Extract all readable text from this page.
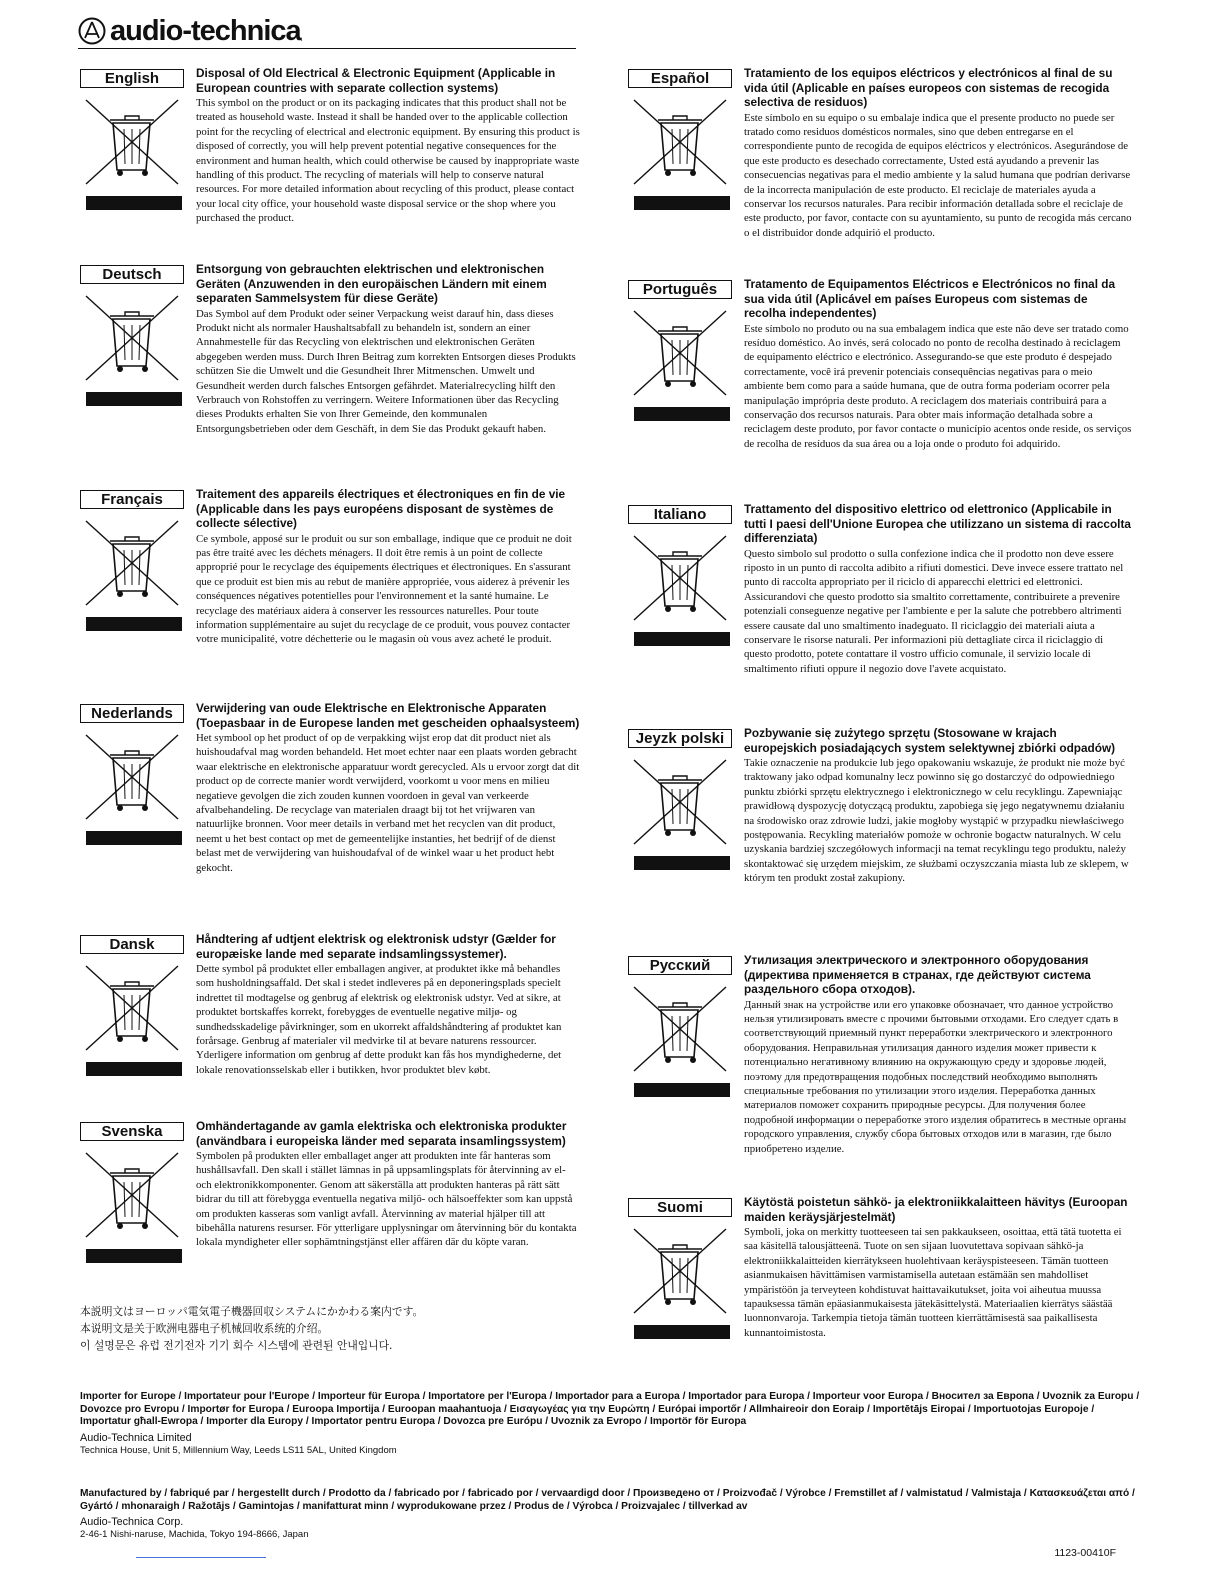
audio-technica .
English	Disposal of Old Electrical & Electronic Equipment (Applicable in European countries with separate collection systems)
This symbol on the product or on its packaging indicates that this product shall not be treated as household waste. Instead it shall be handed over to the applicable collection point for the recycling of electrical and electronic equipment. By ensuring this product is disposed of correctly, you will help prevent potential negative consequences for the environment and human health, which could otherwise be caused by inappropriate waste handling of this product. The recycling of materials will help to conserve natural resources. For more detailed information about recycling of this product, please contact your local city office, your household waste disposal service or the shop where you purchased the product.
Deutsch	Entsorgung von gebrauchten elektrischen und elektronischen Geräten (Anzuwenden in den europäischen Ländern mit einem separaten Sammelsystem für diese Geräte)
Das Symbol auf dem Produkt oder seiner Verpackung weist darauf hin, dass dieses Produkt nicht als normaler Haushaltsabfall zu behandeln ist, sondern an einer Annahmestelle für das Recycling von elektrischen und elektronischen Geräten abgegeben werden muss. Durch Ihren Beitrag zum korrekten Entsorgen dieses Produkts schützen Sie die Umwelt und die Gesundheit Ihrer Mitmenschen. Umwelt und Gesundheit werden durch falsches Entsorgen gefährdet. Materialrecycling hilft den Verbrauch von Rohstoffen zu verringern. Weitere Informationen über das Recycling dieses Produkts erhalten Sie von Ihrer Gemeinde, den kommunalen Entsorgungsbetrieben oder dem Geschäft, in dem Sie das Produkt gekauft haben.
Français	Traitement des appareils électriques et électroniques en fin de vie (Applicable dans les pays européens disposant de systèmes de collecte sélective)
Ce symbole, apposé sur le produit ou sur son emballage, indique que ce produit ne doit pas être traité avec les déchets ménagers. Il doit être remis à un point de collecte approprié pour le recyclage des équipements électriques et électroniques. En s'assurant que ce produit est bien mis au rebut de manière appropriée, vous aiderez à prévenir les conséquences négatives potentielles pour l'environnement et la santé humaine. Le recyclage des matériaux aidera à conserver les ressources naturelles. Pour toute information supplémentaire au sujet du recyclage de ce produit, vous pouvez contacter votre municipalité, votre déchetterie ou le magasin où vous avez acheté le produit.
Nederlands	Verwijdering van oude Elektrische en Elektronische Apparaten (Toepasbaar in de Europese landen met gescheiden ophaalsysteem)
Het symbool op het product of op de verpakking wijst erop dat dit product niet als huishoudafval mag worden behandeld. Het moet echter naar een plaats worden gebracht waar elektrische en elektronische apparatuur wordt gerecycled. Als u ervoor zorgt dat dit product op de correcte manier wordt verwijderd, voorkomt u voor mens en milieu negatieve gevolgen die zich zouden kunnen voordoen in geval van verkeerde afvalbehandeling. De recyclage van materialen draagt bij tot het vrijwaren van natuurlijke bronnen. Voor meer details in verband met het recyclen van dit product, neemt u het best contact op met de gemeentelijke instanties, het bedrijf of de dienst belast met de verwijdering van huishoudafval of de winkel waar u het product hebt gekocht.
Dansk	Håndtering af udtjent elektrisk og elektronisk udstyr (Gælder for europæiske lande med separate indsamlingssystemer).
Dette symbol på produktet eller emballagen angiver, at produktet ikke må behandles som husholdningsaffald. Det skal i stedet indleveres på en deponeringsplads specielt indrettet til modtagelse og genbrug af elektrisk og elektronisk udstyr. Ved at sikre, at produktet bortskaffes korrekt, forebygges de eventuelle negative miljø- og sundhedsskadelige påvirkninger, som en ukorrekt affaldshåndtering af produktet kan forårsage. Genbrug af materialer vil medvirke til at bevare naturens ressourcer. Yderligere information om genbrug af dette produkt kan fås hos myndighederne, det lokale renovationsselskab eller i butikken, hvor produktet blev købt.
Svenska	Omhändertagande av gamla elektriska och elektroniska produkter (användbara i europeiska länder med separata insamlingssystem)
Symbolen på produkten eller emballaget anger att produkten inte får hanteras som hushållsavfall. Den skall i stället lämnas in på uppsamlingsplats för återvinning av el- och elektronikkomponenter. Genom att säkerställa att produkten hanteras på rätt sätt bidrar du till att förebygga eventuella negativa miljö- och hälsoeffekter som kan uppstå om produkten kasseras som vanligt avfall. Återvinning av material hjälper till att bibehålla naturens resurser. För ytterligare upplysningar om återvinning bör du kontakta lokala myndigheter eller sophämtningstjänst eller affären där du köpte varan.
Español	Tratamiento de los equipos eléctricos y electrónicos al final de su vida útil (Aplicable en países europeos con sistemas de recogida selectiva de residuos)
Este símbolo en su equipo o su embalaje indica que el presente producto no puede ser tratado como residuos domésticos normales, sino que deben entregarse en el correspondiente punto de recogida de equipos eléctricos y electrónicos. Asegurándose de que este producto es desechado correctamente, Usted está ayudando a prevenir las consecuencias negativas para el medio ambiente y la salud humana que podrían derivarse de la incorrecta manipulación de este producto. El reciclaje de materiales ayuda a conservar los recursos naturales. Para recibir información detallada sobre el reciclaje de este producto, por favor, contacte con su ayuntamiento, su punto de recogida más cercano o el distribuidor donde adquirió el producto.
Português	Tratamento de Equipamentos Eléctricos e Electrónicos no final da sua vida útil (Aplicável em países Europeus com sistemas de recolha independentes)
Este símbolo no produto ou na sua embalagem indica que este não deve ser tratado como resíduo doméstico. Ao invés, será colocado no ponto de recolha destinado à reciclagem de equipamento eléctrico e electrónico. Assegurando-se que este produto é despejado correctamente, você irá prevenir potenciais consequências negativas para o meio ambiente bem como para a saúde humana, que de outra forma poderiam ocorrer pela manipulação imprópria deste produto. A reciclagem dos materiais contribuirá para a conservação dos recursos naturais. Para obter mais informação detalhada sobre a reciclagem deste produto, por favor contacte o município acentos onde reside, os serviços de recolha de resíduos da sua área ou a loja onde o produto foi adquirido.
Italiano	Trattamento del dispositivo elettrico od elettronico (Applicabile in tutti I paesi dell'Unione Europea che utilizzano un sistema di raccolta differenziata)
Questo simbolo sul prodotto o sulla confezione indica che il prodotto non deve essere riposto in un punto di raccolta adibito a rifiuti domestici. Deve invece essere trattato nel punto di raccolta appropriato per il riciclo di apparecchi elettrici ed elettronici. Assicurandovi che questo prodotto sia smaltito correttamente, contribuirete a prevenire potenziali conseguenze negative per l'ambiente e per la salute che potrebbero altrimenti essere causate dal uno smaltimento inadeguato. Il riciclaggio dei materiali aiuta a conservare le risorse naturali. Per informazioni più dettagliate circa il riciclaggio di questo prodotto, potete contattare il vostro ufficio comunale, il servizio locale di smaltimento rifiuti oppure il negozio dove l'avete acquistato.
Jeyzk polski	Pozbywanie się zużytego sprzętu (Stosowane w krajach europejskich posiadających system selektywnej zbiórki odpadów)
Takie oznaczenie na produkcie lub jego opakowaniu wskazuje, że produkt nie może być traktowany jako odpad komunalny lecz powinno się go dostarczyć do odpowiedniego punktu zbiórki sprzętu elektrycznego i elektronicznego w celu recyklingu. Zapewniając prawidłową dyspozycję dotyczącą produktu, zapobiega się jego negatywnemu działaniu na środowisko oraz zdrowie ludzi, jakie mogłoby wystąpić w przypadku niewłaściwego postępowania. Recykling materiałów pomoże w ochronie bogactw naturalnych. W celu uzyskania bardziej szczegółowych informacji na temat recyklingu tego produktu, należy skontaktować się urzędem miejskim, ze służbami oczyszczania miasta lub ze sklepem, w którym ten produkt został zakupiony.
Русский	Утилизация электрического и электронного оборудования (директива применяется в странах, где действуют система раздельного сбора отходов).
Данный знак на устройстве или его упаковке обозначает, что данное устройство нельзя утилизировать вместе с прочими бытовыми отходами. Его следует сдать в соответствующий приемный пункт переработки электрического и электронного оборудования. Неправильная утилизация данного изделия может привести к потенциально негативному влиянию на окружающую среду и здоровье людей, поэтому для предотвращения подобных последствий необходимо выполнять специальные требования по утилизации этого изделия. Переработка данных материалов поможет сохранить природные ресурсы. Для получения более подробной информации о переработке этого изделия обратитесь в местные органы городского управления, службу сбора бытовых отходов или в магазин, где было приобретено изделие.
Suomi	Käytöstä poistetun sähkö- ja elektroniikkalaitteen hävitys (Euroopan maiden keräysjärjestelmät)
Symboli, joka on merkitty tuotteeseen tai sen pakkaukseen, osoittaa, että tätä tuotetta ei saa käsitellä talousjätteenä. Tuote on sen sijaan luovutettava sopivaan sähkö-ja elektroniikkalaitteiden kierrätykseen huolehtivaan keräyspisteeseen. Tämän tuotteen asianmukaisen hävittämisen varmistamisella autetaan estämään sen mahdolliset ympäristöön ja terveyteen kohdistuvat haittavaikutukset, joita voi aiheutua muussa tapauksessa tämän epäasianmukaisesta jätekäsittelystä. Materiaalien kierrätys säästää luonnonvaroja. Tarkempia tietoja tämän tuotteen kierrättämisestä saa paikallisesta kunnantoimistosta.
本説明文はヨーロッパ電気電子機器回収システムにかかわる案内です。
本说明文是关于欧洲电器电子机械回收系统的介绍。
이 설명문은 유럽 전기전자 기기 회수 시스템에 관련된 안내입니다.
Importer for Europe / Importateur pour l'Europe / Importeur für Europa / Importatore per l'Europa / Importador para a Europa / Importador para Europa / Importeur voor Europa / Вносител за Европа / Uvoznik za Europu / Dovozce pro Evropu / Importør for Europa / Euroopa Importija / Euroopan maahantuoja / Εισαγωγέας για την Ευρώπη / Európai importőr / Allmhaireoir don Eoraip / Importētājs Eiropai / Importuotojas Europoje / Importatur għall-Ewropa / Importer dla Europy / Importator pentru Europa / Dovozca pre Európu / Uvoznik za Evropo / Importör för Europa
Audio-Technica Limited
Technica House, Unit 5, Millennium Way, Leeds LS11 5AL, United Kingdom
Manufactured by / fabriqué par / hergestellt durch / Prodotto da / fabricado por / fabricado por / vervaardigd door / Произведено от / Proizvođač / Výrobce / Fremstillet af / valmistatud / Valmistaja / Κατασκευάζεται από / Gyártó / mhonaraigh / Ražotājs / Gamintojas / manifatturat minn / wyprodukowane przez / Produs de / Výrobca / Proizvajalec / tillverkad av
Audio-Technica Corp.
2-46-1 Nishi-naruse, Machida, Tokyo 194-8666, Japan
1123-00410F
